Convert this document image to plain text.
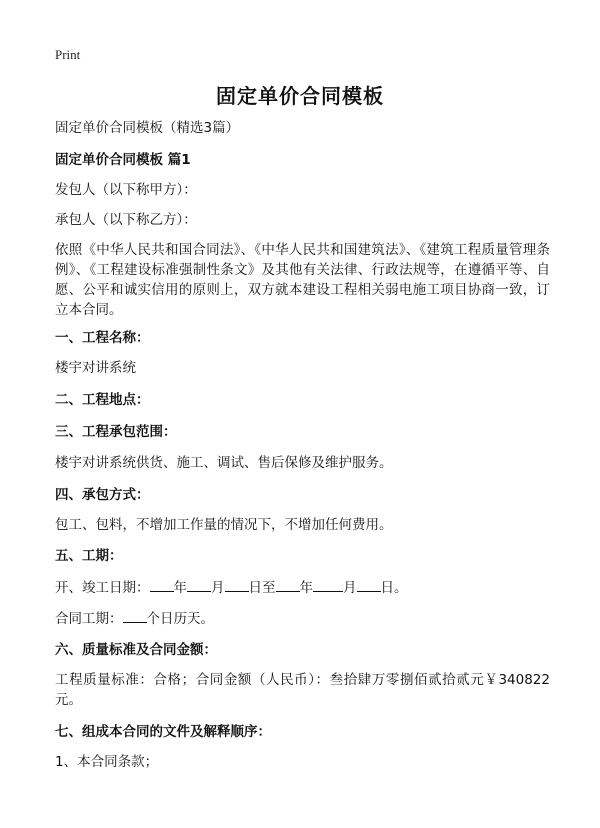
Print
固定单价合同模板
固定单价合同模板（精选3篇）
固定单价合同模板 篇1
发包人（以下称甲方）：
承包人（以下称乙方）：
依照《中华人民共和国合同法》、《中华人民共和国建筑法》、《建筑工程质量管理条例》、《工程建设标准强制性条文》及其他有关法律、行政法规等，在遵循平等、自愿、公平和诚实信用的原则上，双方就本建设工程相关弱电施工项目协商一致，订立本合同。
一、工程名称：
楼宇对讲系统
二、工程地点：
三、工程承包范围：
楼宇对讲系统供货、施工、调试、售后保修及维护服务。
四、承包方式：
包工、包料，不增加工作量的情况下，不增加任何费用。
五、工期：
开、竣工日期： 年 月 日至 年 月 日。
合同工期： 个日历天。
六、质量标准及合同金额：
工程质量标准：合格；合同金额（人民币）：叁拾肆万零捌佰贰拾贰元￥340822元。
七、组成本合同的文件及解释顺序：
1、本合同条款；
